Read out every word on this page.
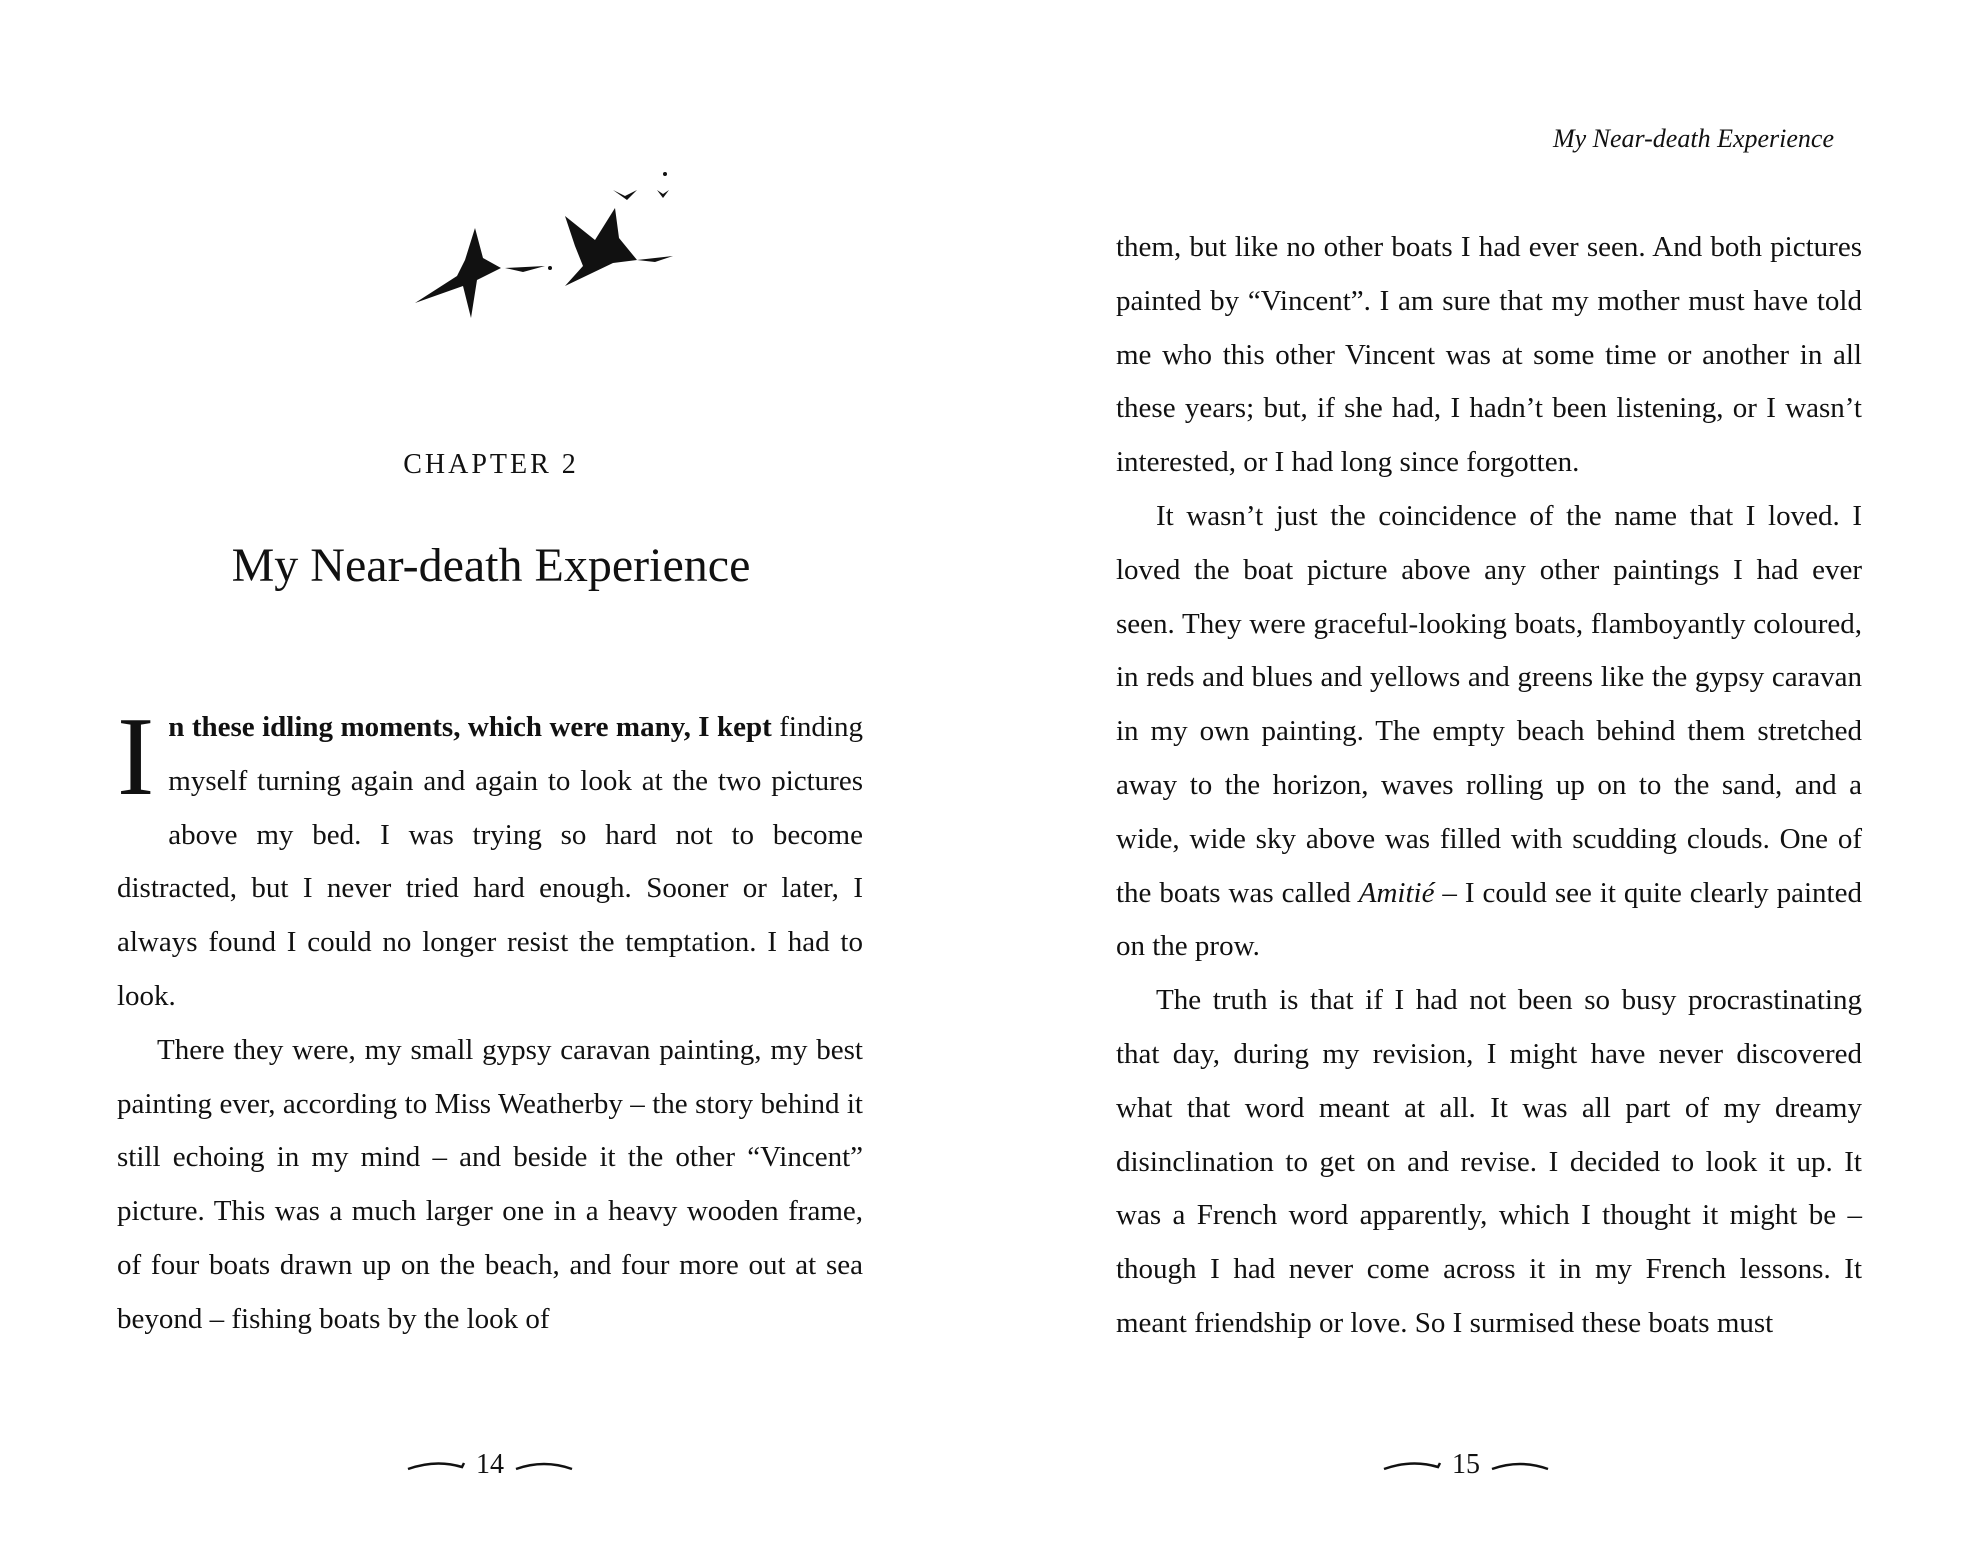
CHAPTER 2
My Near-death Experience

In these idling moments, which were many, I kept finding myself turning again and again to look at the two pictures above my bed. I was trying so hard not to become distracted, but I never tried hard enough. Sooner or later, I always found I could no longer resist the temptation. I had to look.

There they were, my small gypsy caravan painting, my best painting ever, according to Miss Weatherby – the story behind it still echoing in my mind – and beside it the other “Vincent” picture. This was a much larger one in a heavy wooden frame, of four boats drawn up on the beach, and four more out at sea beyond – fishing boats by the look of

14
My Near-death Experience

them, but like no other boats I had ever seen. And both pictures painted by “Vincent”. I am sure that my mother must have told me who this other Vincent was at some time or another in all these years; but, if she had, I hadn’t been listening, or I wasn’t interested, or I had long since forgotten.

It wasn’t just the coincidence of the name that I loved. I loved the boat picture above any other paintings I had ever seen. They were graceful-looking boats, flamboyantly coloured, in reds and blues and yellows and greens like the gypsy caravan in my own painting. The empty beach behind them stretched away to the horizon, waves rolling up on to the sand, and a wide, wide sky above was filled with scudding clouds. One of the boats was called Amitié – I could see it quite clearly painted on the prow.

The truth is that if I had not been so busy procrastinating that day, during my revision, I might have never discovered what that word meant at all. It was all part of my dreamy disinclination to get on and revise. I decided to look it up. It was a French word apparently, which I thought it might be – though I had never come across it in my French lessons. It meant friendship or love. So I surmised these boats must

15
